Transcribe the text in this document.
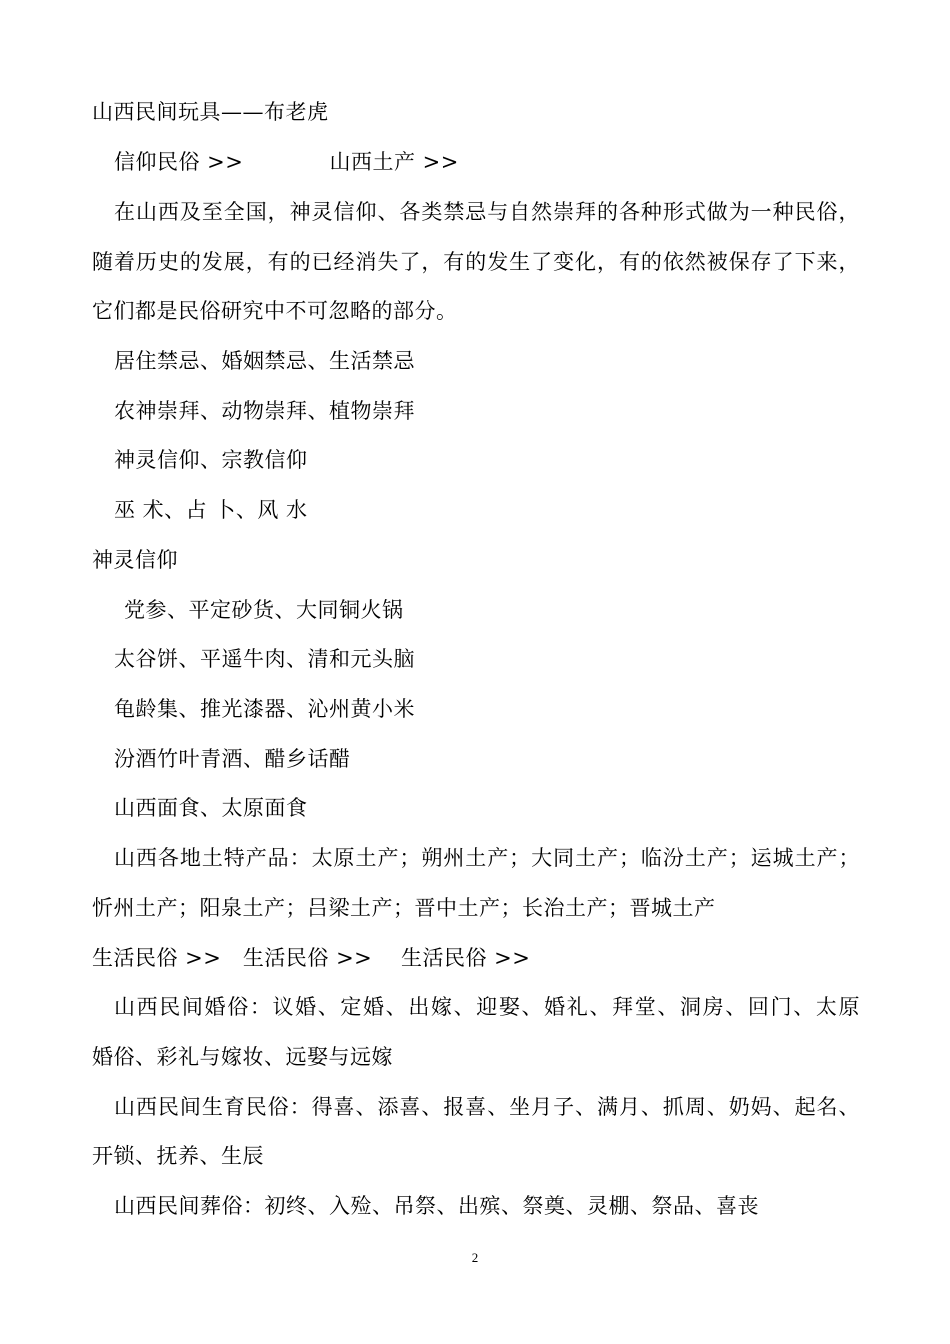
山西民间玩具——布老虎
信仰民俗 >>            山西土产 >>
在山西及至全国，神灵信仰、各类禁忌与自然崇拜的各种形式做为一种民俗，
随着历史的发展，有的已经消失了，有的发生了变化，有的依然被保存了下来，
它们都是民俗研究中不可忽略的部分。
居住禁忌、婚姻禁忌、生活禁忌
农神崇拜、动物崇拜、植物崇拜
神灵信仰、宗教信仰
巫 术、占 卜、风 水
神灵信仰
党参、平定砂货、大同铜火锅
太谷饼、平遥牛肉、清和元头脑
龟龄集、推光漆器、沁州黄小米
汾酒竹叶青酒、醋乡话醋
山西面食、太原面食
山西各地土特产品：太原土产；朔州土产；大同土产；临汾土产；运城土产；
忻州土产；阳泉土产；吕梁土产；晋中土产；长治土产；晋城土产
生活民俗 >>   生活民俗 >>    生活民俗 >>
山西民间婚俗：议婚、定婚、出嫁、迎娶、婚礼、拜堂、洞房、回门、太原
婚俗、彩礼与嫁妆、远娶与远嫁
山西民间生育民俗：得喜、添喜、报喜、坐月子、满月、抓周、奶妈、起名、
开锁、抚养、生辰
山西民间葬俗：初终、入殓、吊祭、出殡、祭奠、灵棚、祭品、喜丧
2
